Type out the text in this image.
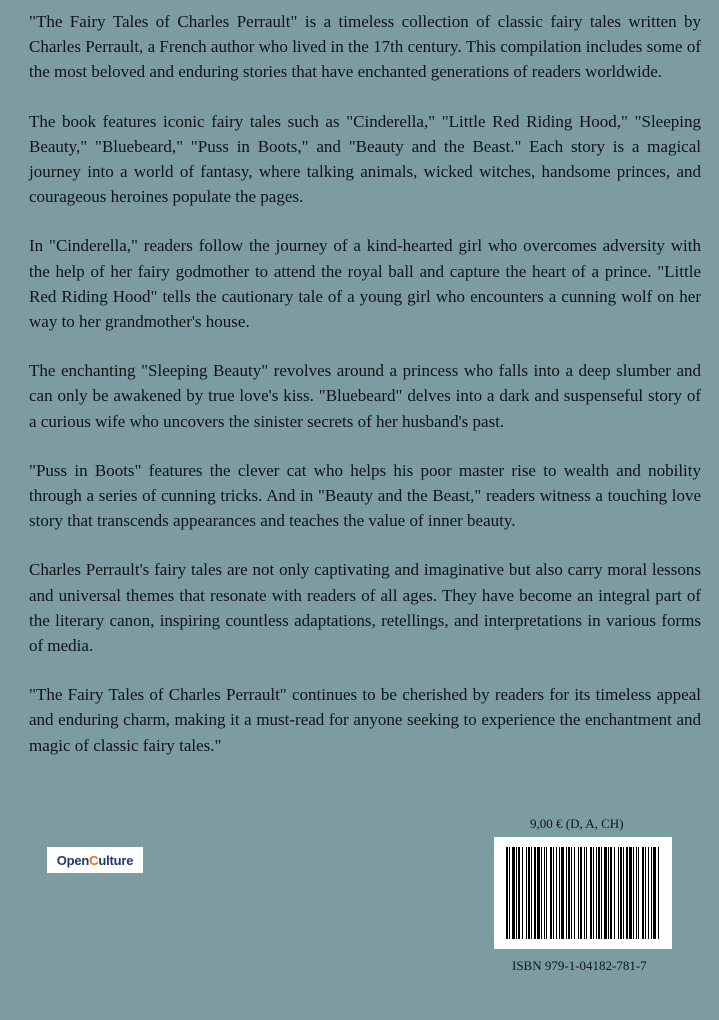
"The Fairy Tales of Charles Perrault" is a timeless collection of classic fairy tales written by Charles Perrault, a French author who lived in the 17th century. This compilation includes some of the most beloved and enduring stories that have enchanted generations of readers worldwide.

The book features iconic fairy tales such as "Cinderella," "Little Red Riding Hood," "Sleeping Beauty," "Bluebeard," "Puss in Boots," and "Beauty and the Beast." Each story is a magical journey into a world of fantasy, where talking animals, wicked witches, handsome princes, and courageous heroines populate the pages.

In "Cinderella," readers follow the journey of a kind-hearted girl who overcomes adversity with the help of her fairy godmother to attend the royal ball and capture the heart of a prince. "Little Red Riding Hood" tells the cautionary tale of a young girl who encounters a cunning wolf on her way to her grandmother's house.

The enchanting "Sleeping Beauty" revolves around a princess who falls into a deep slumber and can only be awakened by true love's kiss. "Bluebeard" delves into a dark and suspenseful story of a curious wife who uncovers the sinister secrets of her husband's past.

"Puss in Boots" features the clever cat who helps his poor master rise to wealth and nobility through a series of cunning tricks. And in "Beauty and the Beast," readers witness a touching love story that transcends appearances and teaches the value of inner beauty.

Charles Perrault's fairy tales are not only captivating and imaginative but also carry moral lessons and universal themes that resonate with readers of all ages. They have become an integral part of the literary canon, inspiring countless adaptations, retellings, and interpretations in various forms of media.

"The Fairy Tales of Charles Perrault" continues to be cherished by readers for its timeless appeal and enduring charm, making it a must-read for anyone seeking to experience the enchantment and magic of classic fairy tales."

9,00 € (D, A, CH)
Open C ulture
ISBN 979-1-04182-781-7
